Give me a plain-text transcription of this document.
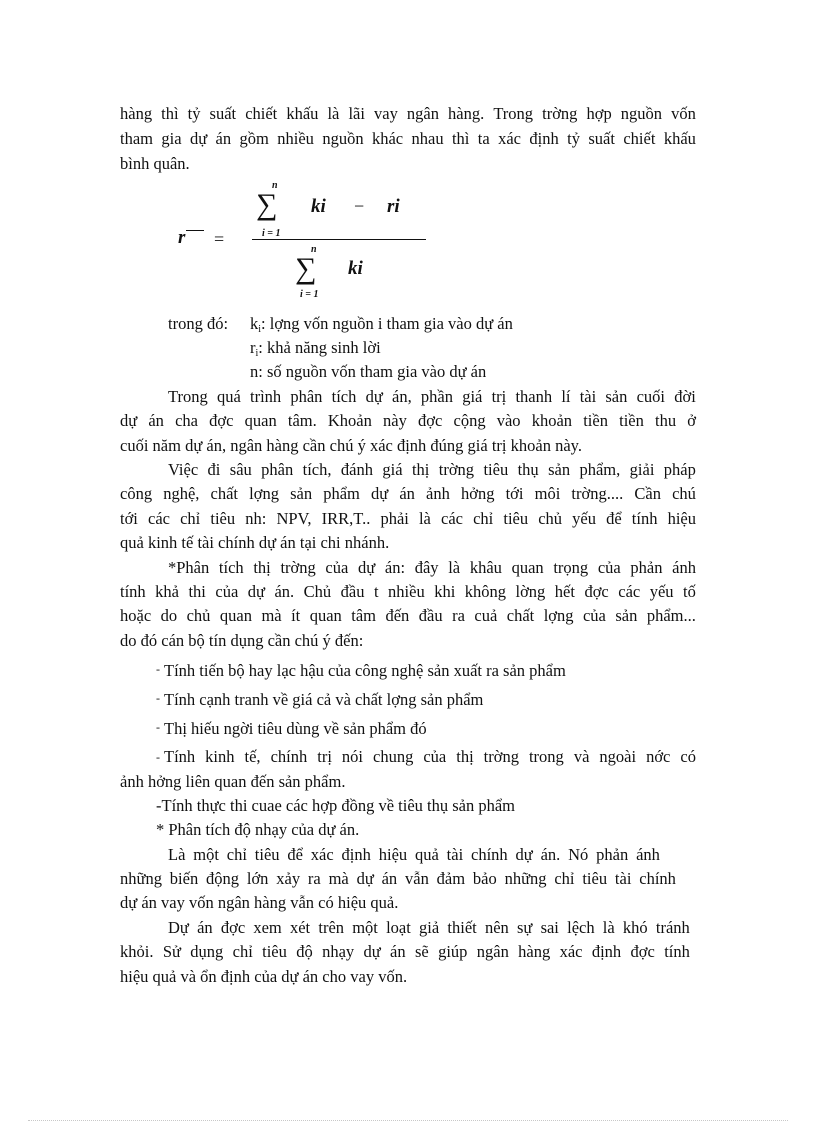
hàng thì tỷ suất chiết khấu là lãi vay ngân hàng. Trong trờng hợp nguồn vốn
tham gia dự án gồm nhiều nguồn khác nhau thì ta xác định tỷ suất chiết khấu
bình quân.
r =
n
∑
i = 1
ki − ri
n
∑
i = 1
ki
trong đó: $k_i$: lợng vốn nguồn i tham gia vào dự án
$r_i$: khả năng sinh lời
n: số nguồn vốn tham gia vào dự án
Trong quá trình phân tích dự án, phần giá trị thanh lí tài sản cuối đời
dự án cha đợc quan tâm. Khoản này đợc cộng vào khoản tiền tiền thu ở
cuối năm dự án, ngân hàng cần chú ý xác định đúng giá trị khoản này.
Việc đi sâu phân tích, đánh giá thị trờng tiêu thụ sản phẩm, giải pháp
công nghệ, chất lợng sản phẩm dự án ảnh hởng tới môi trờng.... Cần chú
tới các chỉ tiêu nh: NPV, IRR,T.. phải là các chỉ tiêu chủ yếu để tính hiệu
quả kinh tế tài chính dự án tại chi nhánh.
*Phân tích thị trờng của dự án: đây là khâu quan trọng của phản ánh
tính khả thi của dự án. Chủ đầu t nhiều khi không lờng hết đợc các yếu tố
hoặc do chủ quan mà ít quan tâm đến đầu ra cuả chất lợng của sản phẩm...
do đó cán bộ tín dụng cần chú ý đến:
- Tính tiến bộ hay lạc hậu của công nghệ sản xuất ra sản phẩm
- Tính cạnh tranh về giá cả và chất lợng sản phẩm
- Thị hiếu ngời tiêu dùng về sản phẩm đó
- Tính kinh tế, chính trị nói chung của thị trờng trong và ngoài nớc có
ảnh hởng liên quan đến sản phẩm.
-Tính thực thi cuae các hợp đồng về tiêu thụ sản phẩm
* Phân tích độ nhạy của dự án.
Là một chỉ tiêu để xác định hiệu quả tài chính dự án. Nó phản ánh
những biến động lớn xảy ra mà dự án vẫn đảm bảo những chỉ tiêu tài chính
dự án vay vốn ngân hàng vẫn có hiệu quả.
Dự án đợc xem xét trên một loạt giả thiết nên sự sai lệch là khó tránh
khỏi. Sử dụng chỉ tiêu độ nhạy dự án sẽ giúp ngân hàng xác định đợc tính
hiệu quả và ổn định của dự án cho vay vốn.
